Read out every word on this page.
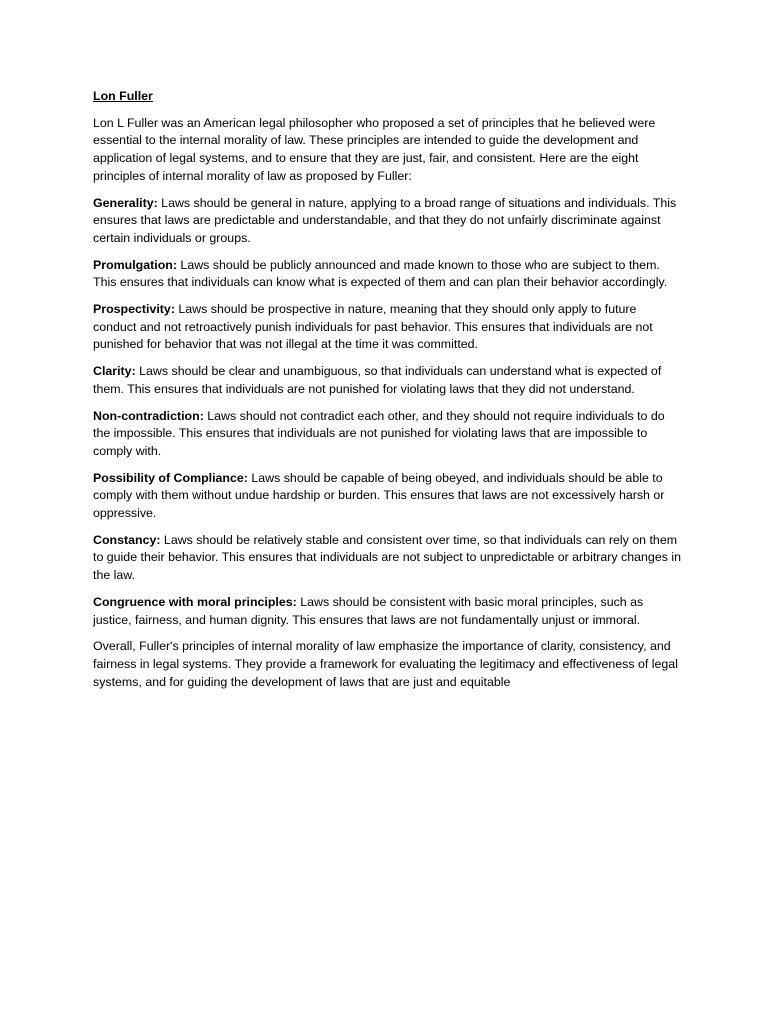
Lon Fuller

Lon L Fuller was an American legal philosopher who proposed a set of principles that he believed were essential to the internal morality of law. These principles are intended to guide the development and application of legal systems, and to ensure that they are just, fair, and consistent. Here are the eight principles of internal morality of law as proposed by Fuller:

Generality: Laws should be general in nature, applying to a broad range of situations and individuals. This ensures that laws are predictable and understandable, and that they do not unfairly discriminate against certain individuals or groups.

Promulgation: Laws should be publicly announced and made known to those who are subject to them. This ensures that individuals can know what is expected of them and can plan their behavior accordingly.

Prospectivity: Laws should be prospective in nature, meaning that they should only apply to future conduct and not retroactively punish individuals for past behavior. This ensures that individuals are not punished for behavior that was not illegal at the time it was committed.

Clarity: Laws should be clear and unambiguous, so that individuals can understand what is expected of them. This ensures that individuals are not punished for violating laws that they did not understand.

Non-contradiction: Laws should not contradict each other, and they should not require individuals to do the impossible. This ensures that individuals are not punished for violating laws that are impossible to comply with.

Possibility of Compliance: Laws should be capable of being obeyed, and individuals should be able to comply with them without undue hardship or burden. This ensures that laws are not excessively harsh or oppressive.

Constancy: Laws should be relatively stable and consistent over time, so that individuals can rely on them to guide their behavior. This ensures that individuals are not subject to unpredictable or arbitrary changes in the law.

Congruence with moral principles: Laws should be consistent with basic moral principles, such as justice, fairness, and human dignity. This ensures that laws are not fundamentally unjust or immoral.

Overall, Fuller's principles of internal morality of law emphasize the importance of clarity, consistency, and fairness in legal systems. They provide a framework for evaluating the legitimacy and effectiveness of legal systems, and for guiding the development of laws that are just and equitable
